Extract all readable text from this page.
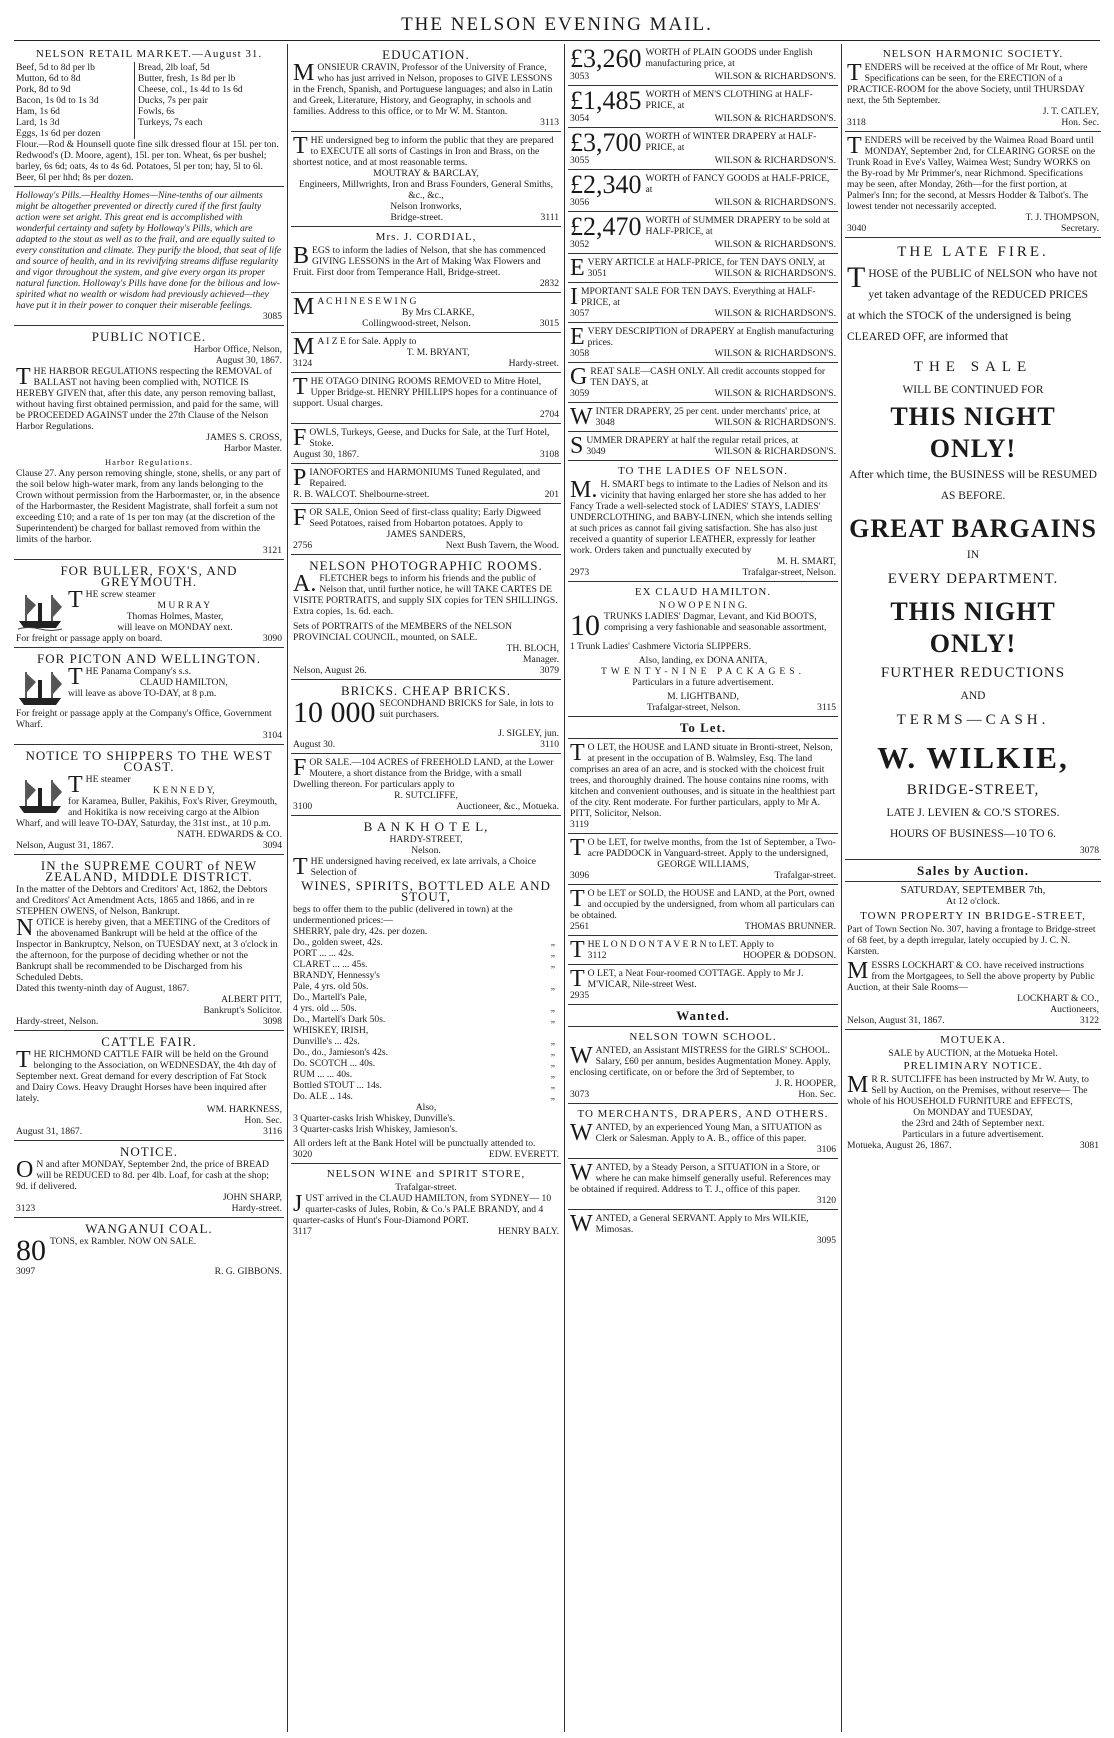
THE NELSON EVENING MAIL.
NELSON RETAIL MARKET.—August 31.
Beef, 5d to 8d per lb	Bread, 2lb loaf, 5d
Mutton, 6d to 8d	Butter, fresh, 1s 8d per lb
Pork, 8d to 9d	Cheese, col., 1s 4d to 1s 6d
Bacon, 1s 0d to 1s 3d	Ducks, 7s per pair
Ham, 1s 6d	Fowls, 6s
Lard, 1s 3d	Turkeys, 7s each
Eggs, 1s 6d per dozen	

Flour.—Rod & Hounsell quote fine silk dressed flour at 15l. per ton. Redwood's (D. Moore, agent), 15l. per ton. Wheat, 6s per bushel; barley, 6s 6d; oats, 4s to 4s 6d. Potatoes, 5l per ton; hay, 5l to 6l. Beer, 6l per hhd; 8s per dozen.

Holloway's Pills.—Healthy Homes—Nine-tenths of our ailments might be altogether prevented or directly cured if the first faulty action were set aright. This great end is accomplished with wonderful certainty and safety by Holloway's Pills, which are adapted to the stout as well as to the frail, and are equally suited to every constitution and climate. They purify the blood, that seat of life and source of health, and in its revivifying streams diffuse regularity and vigor throughout the system, and give every organ its proper natural function. Holloway's Pills have done for the bilious and low-spirited what no wealth or wisdom had previously achieved—they have put it in their power to conquer their miserable feelings.

3085

PUBLIC NOTICE.

Harbor Office, Nelson,

August 30, 1867.

THE HARBOR REGULATIONS respecting the REMOVAL of BALLAST not having been complied with, NOTICE IS HEREBY GIVEN that, after this date, any person removing ballast, without having first obtained permission, and paid for the same, will be PROCEEDED AGAINST under the 27th Clause of the Nelson Harbor Regulations.

JAMES S. CROSS,

Harbor Master.

Harbor Regulations.

Clause 27. Any person removing shingle, stone, shells, or any part of the soil below high-water mark, from any lands belonging to the Crown without permission from the Harbormaster, or, in the absence of the Harbormaster, the Resident Magistrate, shall forfeit a sum not exceeding £10; and a rate of 1s per ton may (at the discretion of the Superintendent) be charged for ballast removed from within the limits of the harbor.

3121

FOR BULLER, FOX'S, AND GREYMOUTH.

THE screw steamer

M U R R A Y

Thomas Holmes, Master,

will leave on MONDAY next.

For freight or passage apply on board.	3090

FOR PICTON AND WELLINGTON.

THE Panama Company's s.s.

CLAUD HAMILTON,

will leave as above TO-DAY, at 8 p.m.

For freight or passage apply at the Company's Office, Government Wharf.

3104

NOTICE TO SHIPPERS TO THE WEST COAST.

THE steamer

K E N N E D Y,

for Karamea, Buller, Pakihis, Fox's River, Greymouth, and Hokitika is now receiving cargo at the Albion Wharf, and will leave TO-DAY, Saturday, the 31st inst., at 10 p.m.

NATH. EDWARDS & CO.

Nelson, August 31, 1867.	3094

IN the SUPREME COURT of NEW ZEALAND, MIDDLE DISTRICT.

In the matter of the Debtors and Creditors' Act, 1862, the Debtors and Creditors' Act Amendment Acts, 1865 and 1866, and in re STEPHEN OWENS, of Nelson, Bankrupt.

NOTICE is hereby given, that a MEETING of the Creditors of the abovenamed Bankrupt will be held at the office of the Inspector in Bankruptcy, Nelson, on TUESDAY next, at 3 o'clock in the afternoon, for the purpose of deciding whether or not the Bankrupt shall be recommended to be Discharged from his Scheduled Debts.

Dated this twenty-ninth day of August, 1867.

ALBERT PITT,

Bankrupt's Solicitor.

Hardy-street, Nelson.	3098

CATTLE FAIR.

THE RICHMOND CATTLE FAIR will be held on the Ground belonging to the Association, on WEDNESDAY, the 4th day of September next. Great demand for every description of Fat Stock and Dairy Cows. Heavy Draught Horses have been inquired after lately.

WM. HARKNESS,

Hon. Sec.

August 31, 1867.	3116

NOTICE.

O N and after MONDAY, September 2nd, the price of BREAD will be REDUCED to 8d. per 4lb. Loaf, for cash at the shop; 9d. if delivered.

JOHN SHARP,

3123	Hardy-street.

WANGANUI COAL.

80 TONS, ex Rambler. NOW ON SALE.

3097	R. G. GIBBONS.

EDUCATION.

MONSIEUR CRAVIN, Professor of the University of France, who has just arrived in Nelson, proposes to GIVE LESSONS in the French, Spanish, and Portuguese languages; and also in Latin and Greek, Literature, History, and Geography, in schools and families. Address to this office, or to Mr W. M. Stanton.

3113

THE undersigned beg to inform the public that they are prepared to EXECUTE all sorts of Castings in Iron and Brass, on the shortest notice, and at most reasonable terms.

MOUTRAY & BARCLAY,

Engineers, Millwrights, Iron and Brass Founders, General Smiths, &c., &c.,

Nelson Ironworks,

Bridge-street.	3111

Mrs. J. CORDIAL,

BEGS to inform the ladies of Nelson, that she has commenced GIVING LESSONS in the Art of Making Wax Flowers and Fruit. First door from Temperance Hall, Bridge-street.

2832

M A C H I N E S E W I N G

By Mrs CLARKE,

Collingwood-street, Nelson.	3015

M A I Z E for Sale. Apply to

T. M. BRYANT,

3124	Hardy-street.

THE OTAGO DINING ROOMS REMOVED to Mitre Hotel, Upper Bridge-st. HENRY PHILLIPS hopes for a continuance of support. Usual charges.

2704

FOWLS, Turkeys, Geese, and Ducks for Sale, at the Turf Hotel, Stoke.

August 30, 1867.	3108

PIANOFORTES and HARMONIUMS Tuned Regulated, and Repaired.

R. B. WALCOT. Shelbourne-street.	201

FOR SALE, Onion Seed of first-class quality; Early Digweed Seed Potatoes, raised from Hobarton potatoes. Apply to

JAMES SANDERS,

2756	Next Bush Tavern, the Wood.

NELSON PHOTOGRAPHIC ROOMS.

A. FLETCHER begs to inform his friends and the public of Nelson that, until further notice, he will TAKE CARTES DE VISITE PORTRAITS, and supply SIX copies for TEN SHILLINGS. Extra copies, 1s. 6d. each.

Sets of PORTRAITS of the MEMBERS of the NELSON PROVINCIAL COUNCIL, mounted, on SALE.

TH. BLOCH,

Manager.

Nelson, August 26.	3079

BRICKS. CHEAP BRICKS.

10 000 SECONDHAND BRICKS for Sale, in lots to suit purchasers.

J. SIGLEY, jun.

August 30.	3110

FOR SALE.—104 ACRES of FREEHOLD LAND, at the Lower Moutere, a short distance from the Bridge, with a small Dwelling thereon. For particulars apply to

R. SUTCLIFFE,

3100	Auctioneer, &c., Motueka.

B A N K H O T E L,

HARDY-STREET,

Nelson.

THE undersigned having received, ex late arrivals, a Choice Selection of

WINES, SPIRITS, BOTTLED ALE AND STOUT,

begs to offer them to the public (delivered in town) at the undermentioned prices:—

SHERRY, pale dry, 42s. per dozen.	
Do., golden sweet, 42s.	„
PORT ... ... 42s.	„
CLARET ... ... 45s.	„
BRANDY, Hennessy's	
Pale, 4 yrs. old 50s.	„
Do., Martell's Pale,	
4 yrs. old ... 50s.	„
Do., Martell's Dark 50s.	„
WHISKEY, IRISH,	
Dunville's ... 42s.	„
Do., do., Jamieson's 42s.	„
Do. SCOTCH ... 40s.	„
RUM ... ... 40s.	„
Bottled STOUT ... 14s.	„
Do. ALE .. 14s.	„

Also,

3 Quarter-casks Irish Whiskey, Dunville's.

3 Quarter-casks Irish Whiskey, Jamieson's.

All orders left at the Bank Hotel will be punctually attended to.

3020	EDW. EVERETT.

NELSON WINE and SPIRIT STORE,

Trafalgar-street.

JUST arrived in the CLAUD HAMILTON, from SYDNEY— 10 quarter-casks of Jules, Robin, & Co.'s PALE BRANDY, and 4 quarter-casks of Hunt's Four-Diamond PORT.

3117	HENRY BALY.

£3,260 WORTH of PLAIN GOODS under English manufacturing price, at

3053	WILSON & RICHARDSON'S.

£1,485 WORTH of MEN'S CLOTHING at HALF-PRICE, at

3054	WILSON & RICHARDSON'S.

£3,700 WORTH of WINTER DRAPERY at HALF-PRICE, at

3055	WILSON & RICHARDSON'S.

£2,340 WORTH of FANCY GOODS at HALF-PRICE, at

3056	WILSON & RICHARDSON'S.

£2,470 WORTH of SUMMER DRAPERY to be sold at HALF-PRICE, at

3052	WILSON & RICHARDSON'S.

EVERY ARTICLE at HALF-PRICE, for TEN DAYS ONLY, at

3051	WILSON & RICHARDSON'S.

IMPORTANT SALE FOR TEN DAYS. Everything at HALF-PRICE, at

3057	WILSON & RICHARDSON'S.

EVERY DESCRIPTION of DRAPERY at English manufacturing prices.

3058	WILSON & RICHARDSON'S.

GREAT SALE—CASH ONLY. All credit accounts stopped for TEN DAYS, at

3059	WILSON & RICHARDSON'S.

WINTER DRAPERY, 25 per cent. under merchants' price, at

3048	WILSON & RICHARDSON'S.

SUMMER DRAPERY at half the regular retail prices, at

3049	WILSON & RICHARDSON'S.

TO THE LADIES OF NELSON.

M. H. SMART begs to intimate to the Ladies of Nelson and its vicinity that having enlarged her store she has added to her Fancy Trade a well-selected stock of LADIES' STAYS, LADIES' UNDERCLOTHING, and BABY-LINEN, which she intends selling at such prices as cannot fail giving satisfaction. She has also just received a quantity of superior LEATHER, expressly for leather work. Orders taken and punctually executed by

M. H. SMART,

2973	Trafalgar-street, Nelson.

EX CLAUD HAMILTON.

N O W O P E N I N G.

10 TRUNKS LADIES' Dagmar, Levant, and Kid BOOTS, comprising a very fashionable and seasonable assortment,

1 Trunk Ladies' Cashmere Victoria SLIPPERS.

Also, landing, ex DONA ANITA,

TWENTY-NINE PACKAGES.

Particulars in a future advertisement.

M. LIGHTBAND,

Trafalgar-street, Nelson.	3115

To Let.

T O LET, the HOUSE and LAND situate in Bronti-street, Nelson, at present in the occupation of B. Walmsley, Esq. The land comprises an area of an acre, and is stocked with the choicest fruit trees, and thoroughly drained. The house contains nine rooms, with kitchen and convenient outhouses, and is situate in the healthiest part of the city. Rent moderate. For further particulars, apply to Mr A. PITT, Solicitor, Nelson.

3119

T O be LET, for twelve months, from the 1st of September, a Two-acre PADDOCK in Vanguard-street. Apply to the undersigned,

GEORGE WILLIAMS,

3096	Trafalgar-street.

T O be LET or SOLD, the HOUSE and LAND, at the Port, owned and occupied by the undersigned, from whom all particulars can be obtained.

2561	THOMAS BRUNNER.

THE L O N D O N T A V E R N to LET. Apply to

3112	HOOPER & DODSON.

T O LET, a Neat Four-roomed COTTAGE. Apply to Mr J. M'VICAR, Nile-street West.

2935

Wanted.
NELSON TOWN SCHOOL.

WANTED, an Assistant MISTRESS for the GIRLS' SCHOOL. Salary, £60 per annum, besides Augmentation Money. Apply, enclosing certificate, on or before the 3rd of September, to

J. R. HOOPER,

3073	Hon. Sec.

TO MERCHANTS, DRAPERS, AND OTHERS.

WANTED, by an experienced Young Man, a SITUATION as Clerk or Salesman. Apply to A. B., office of this paper.

3106

WANTED, by a Steady Person, a SITUATION in a Store, or where he can make himself generally useful. References may be obtained if required. Address to T. J., office of this paper.

3120

WANTED, a General SERVANT. Apply to Mrs WILKIE, Mimosas.

3095

NELSON HARMONIC SOCIETY.

TENDERS will be received at the office of Mr Rout, where Specifications can be seen, for the ERECTION of a PRACTICE-ROOM for the above Society, until THURSDAY next, the 5th September.

J. T. CATLEY,

3118	Hon. Sec.

TENDERS will be received by the Waimea Road Board until MONDAY, September 2nd, for CLEARING GORSE on the Trunk Road in Eve's Valley, Waimea West; Sundry WORKS on the By-road by Mr Primmer's, near Richmond. Specifications may be seen, after Monday, 26th—for the first portion, at Palmer's Inn; for the second, at Messrs Hodder & Talbot's. The lowest tender not necessarily accepted.

T. J. THOMPSON,

3040	Secretary.

THE LATE FIRE.

THOSE of the PUBLIC of NELSON who have not yet taken advantage of the REDUCED PRICES at which the STOCK of the undersigned is being CLEARED OFF, are informed that

THE SALE
WILL BE CONTINUED FOR
THIS NIGHT ONLY!
After which time, the BUSINESS will be RESUMED AS BEFORE.
GREAT BARGAINS
IN
EVERY DEPARTMENT.
THIS NIGHT ONLY!
FURTHER REDUCTIONS
AND
TERMS—CASH.
W. WILKIE,
BRIDGE-STREET,
LATE J. LEVIEN & CO.'S STORES.
HOURS OF BUSINESS—10 TO 6.

3078

Sales by Auction.

SATURDAY, SEPTEMBER 7th,

At 12 o'clock.

TOWN PROPERTY IN BRIDGE-STREET,

Part of Town Section No. 307, having a frontage to Bridge-street of 68 feet, by a depth irregular, lately occupied by J. C. N. Karsten.

MESSRS LOCKHART & CO. have received instructions from the Mortgagees, to Sell the above property by Public Auction, at their Sale Rooms—

LOCKHART & CO.,

Auctioneers,

Nelson, August 31, 1867.	3122

MOTUEKA.

SALE by AUCTION, at the Motueka Hotel.

PRELIMINARY NOTICE.

M R R. SUTCLIFFE has been instructed by Mr W. Auty, to Sell by Auction, on the Premises, without reserve— The whole of his HOUSEHOLD FURNITURE and EFFECTS,

On MONDAY and TUESDAY,

the 23rd and 24th of September next.

Particulars in a future advertisement.

Motueka, August 26, 1867.	3081
